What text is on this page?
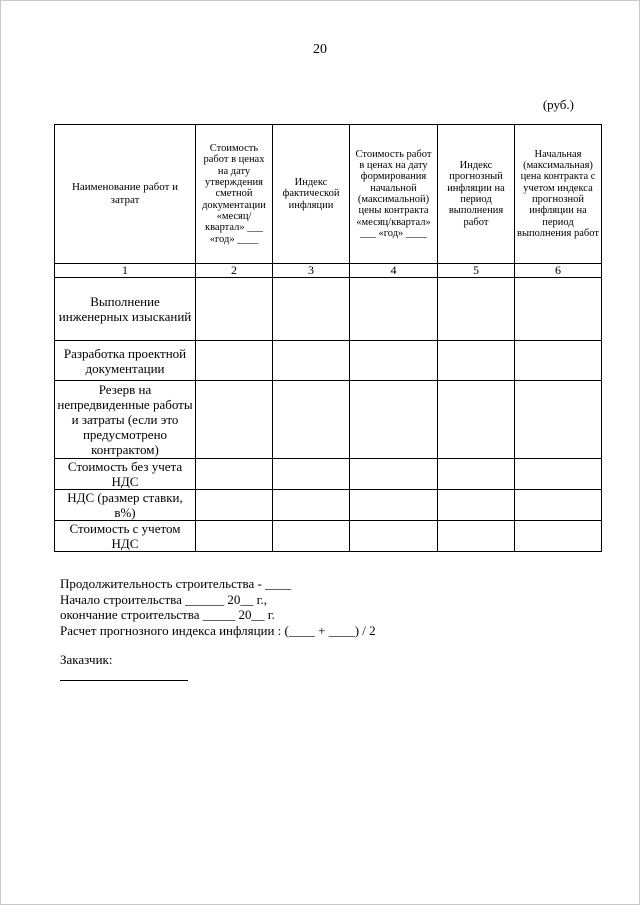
20
(руб.)
Наименование работ и затрат	Стоимость работ в ценах на дату утверждения сметной документации «месяц/квартал» ___ «год» ____	Индекс фактической инфляции	Стоимость работ в ценах на дату формирования начальной (максимальной) цены контракта «месяц/квартал» ___ «год» ____	Индекс прогнозный инфляции на период выполнения работ	Начальная (максимальная) цена контракта с учетом индекса прогнозной инфляции на период выполнения работ
1	2	3	4	5	6
Выполнение инженерных изысканий					
Разработка проектной документации					
Резерв на непредвиденные работы и затраты (если это предусмотрено контрактом)					
Стоимость без учета НДС					
НДС (размер ставки, в%)					
Стоимость с учетом НДС					
Продолжительность строительства - ____
Начало строительства ______ 20__ г.,
окончание строительства _____ 20__ г.
Расчет прогнозного индекса инфляции : (____ + ____) / 2
Заказчик:
